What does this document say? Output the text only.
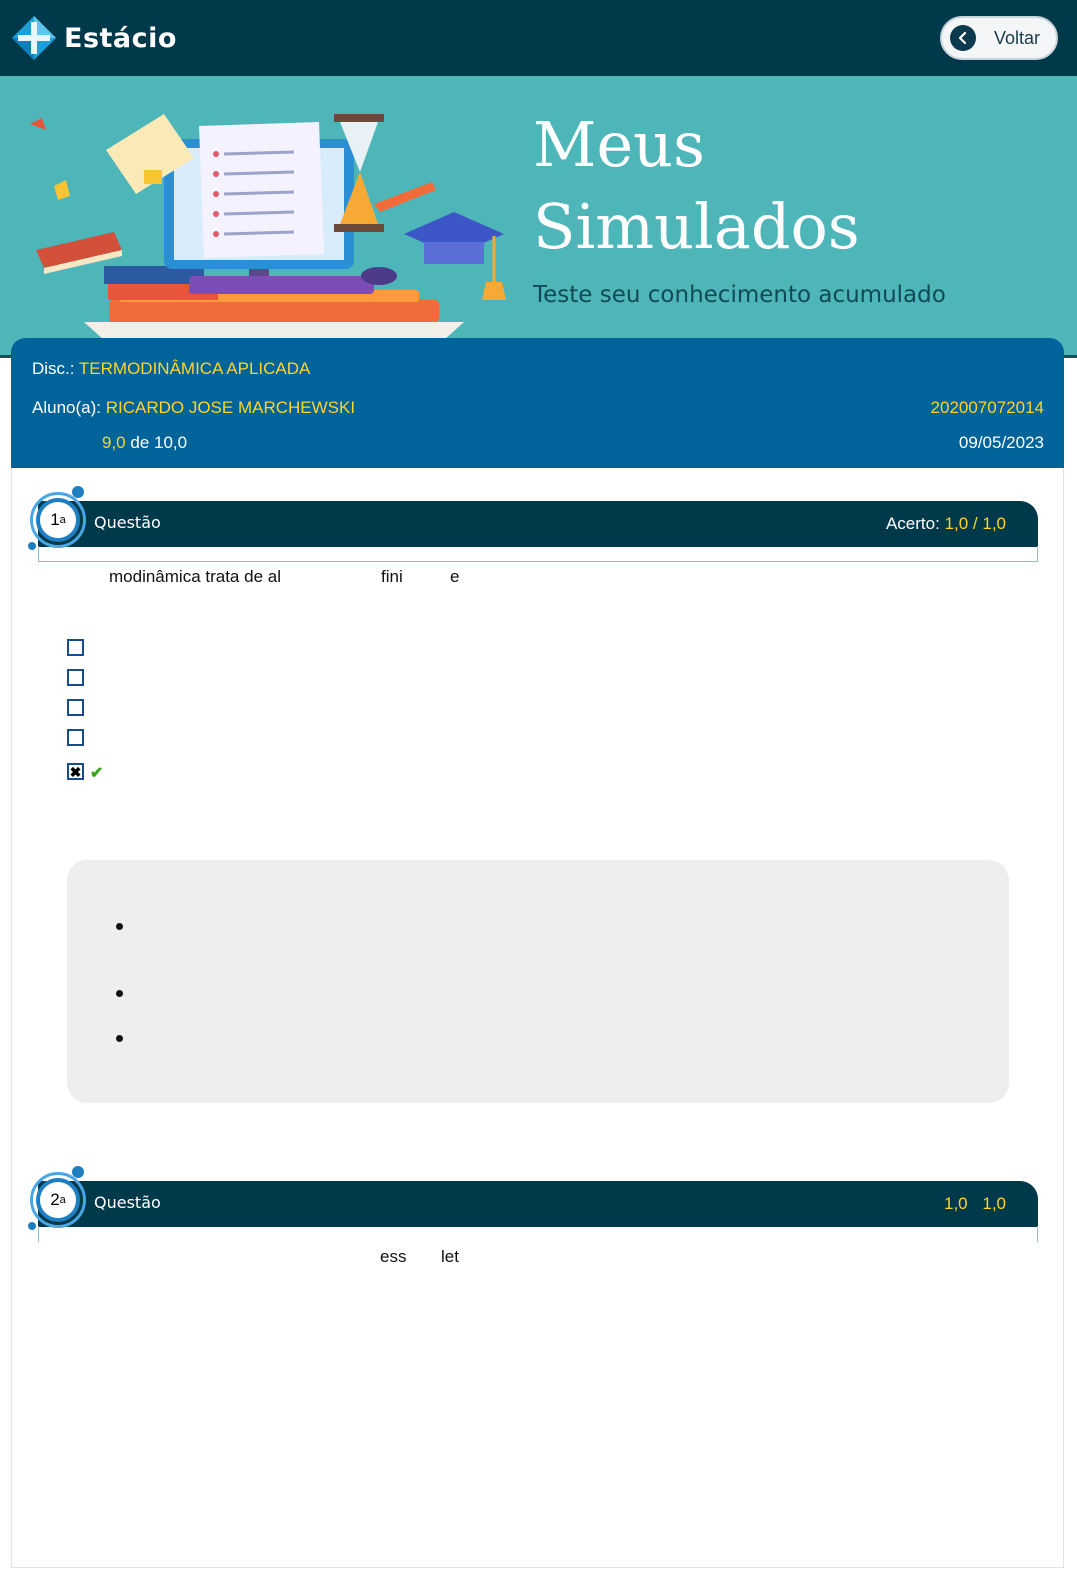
Estácio	Voltar
Meus
Simulados
Teste seu conhecimento acumulado
Disc.: TERMODINÂMICA APLICADA
Aluno(a): RICARDO JOSE MARCHEWSKI	202007072014
9,0 de 10,0	09/05/2023
Questão	Acerto: 1,0 / 1,0
1 a
modinâmica trata de al	fini	e
✖ ✔
Questão	1,0 1,0
2 a
ess let
